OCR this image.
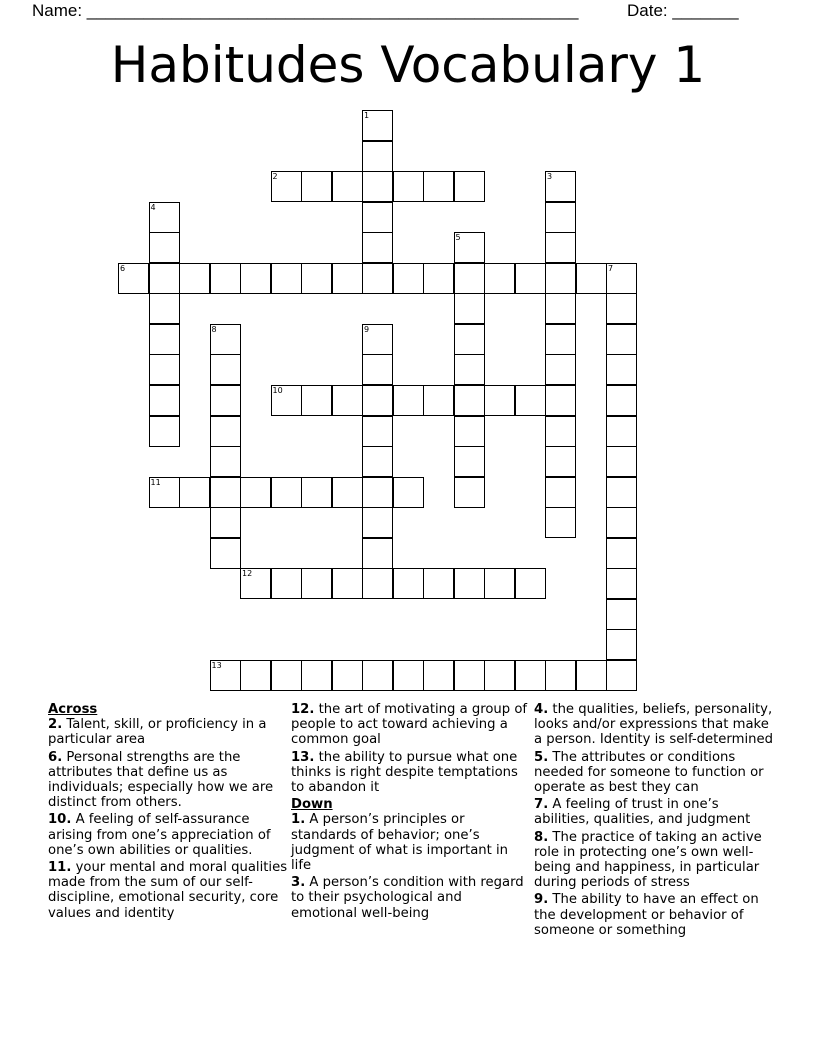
Name: ____________________________________________________	Date: _______
Habitudes Vocabulary 1
1
2	3
4
5
6	7
8	9
10
11
12
13
Across
2. Talent, skill, or proficiency in a particular area
6. Personal strengths are the attributes that define us as individuals; especially how we are distinct from others.
10. A feeling of self-assurance arising from one’s appreciation of one’s own abilities or qualities.
11. your mental and moral qualities made from the sum of our self-discipline, emotional security, core values and identity
12. the art of motivating a group of people to act toward achieving a common goal
13. the ability to pursue what one thinks is right despite temptations to abandon it
Down
1. A person’s principles or standards of behavior; one’s judgment of what is important in life
3. A person’s condition with regard to their psychological and emotional well-being
4. the qualities, beliefs, personality, looks and/or expressions that make a person. Identity is self-determined
5. The attributes or conditions needed for someone to function or operate as best they can
7. A feeling of trust in one’s abilities, qualities, and judgment
8. The practice of taking an active role in protecting one’s own well-being and happiness, in particular during periods of stress
9. The ability to have an effect on the development or behavior of someone or something
